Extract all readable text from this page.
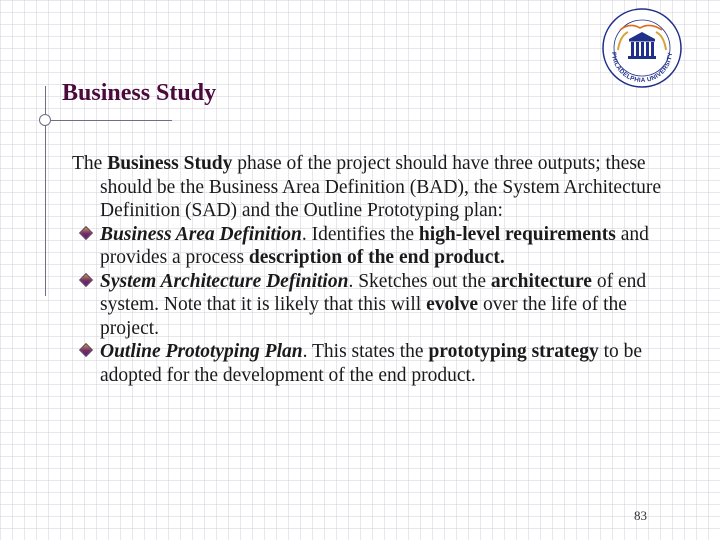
Business Study
PHILADELPHIA UNIVERSITY

The Business Study phase of the project should have three outputs; these should be the Business Area Definition (BAD), the System Architecture Definition (SAD) and the Outline Prototyping plan:

Business Area Definition. Identifies the high-level requirements and provides a process description of the end product.

System Architecture Definition. Sketches out the architecture of end system. Note that it is likely that this will evolve over the life of the project.

Outline Prototyping Plan. This states the prototyping strategy to be adopted for the development of the end product.

83
